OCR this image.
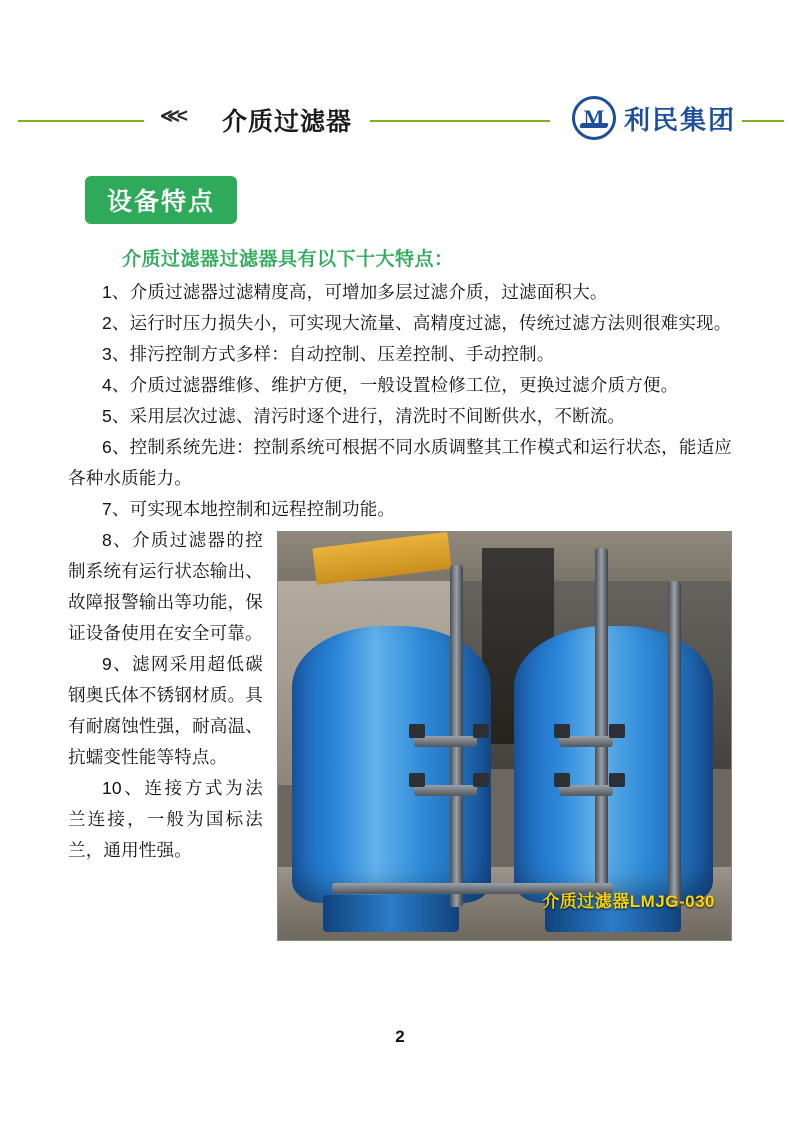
≪< 介质过滤器 M	利民集团
设备特点

介质过滤器过滤器具有以下十大特点：

1、介质过滤器过滤精度高，可增加多层过滤介质，过滤面积大。

2、运行时压力损失小，可实现大流量、高精度过滤，传统过滤方法则很难实现。

3、排污控制方式多样：自动控制、压差控制、手动控制。

4、介质过滤器维修、维护方便，一般设置检修工位，更换过滤介质方便。

5、采用层次过滤、清污时逐个进行，清洗时不间断供水，不断流。

6、控制系统先进：控制系统可根据不同水质调整其工作模式和运行状态，能适应各种水质能力。

7、可实现本地控制和远程控制功能。

介质过滤器LMJG-030

8、介质过滤器的控制系统有运行状态输出、故障报警输出等功能，保证设备使用在安全可靠。

9、滤网采用超低碳钢奥氏体不锈钢材质。具有耐腐蚀性强，耐高温、抗蠕变性能等特点。

10、连接方式为法兰连接，一般为国标法兰，通用性强。

2
